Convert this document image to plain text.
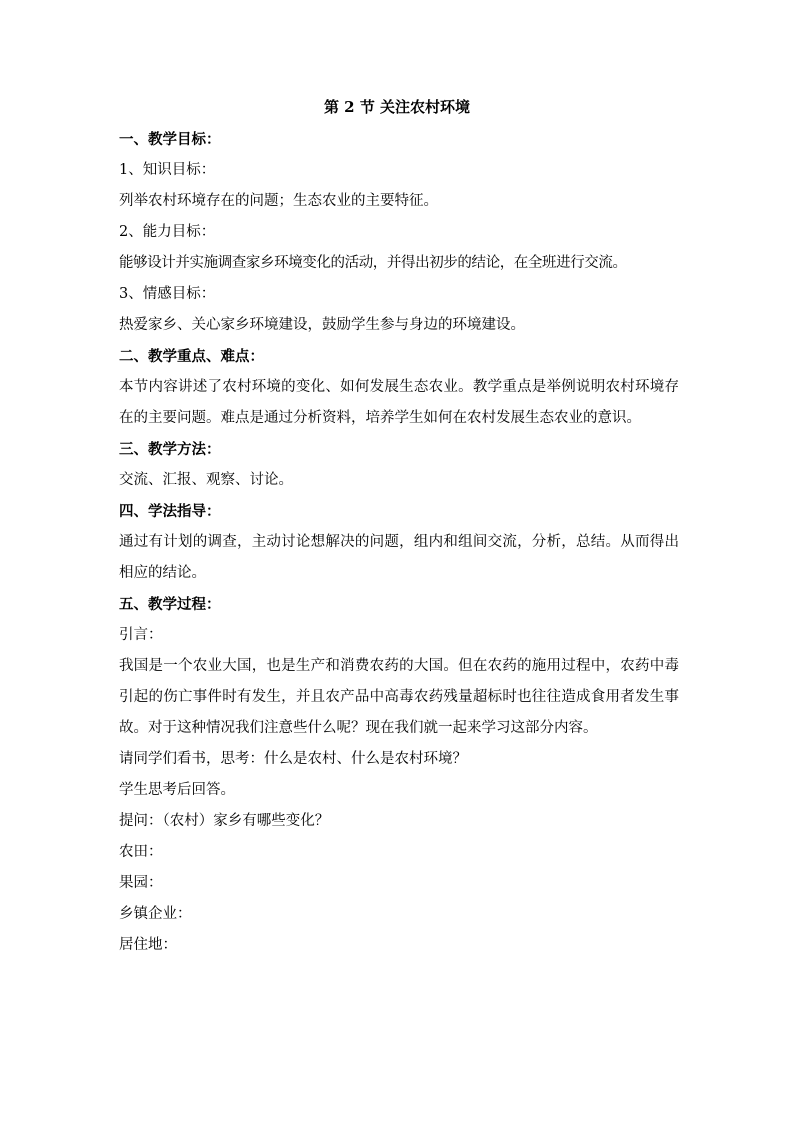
第 2 节 关注农村环境

一、教学目标：

1、知识目标：

列举农村环境存在的问题；生态农业的主要特征。

2、能力目标：

能够设计并实施调查家乡环境变化的活动，并得出初步的结论，在全班进行交流。

3、情感目标：

热爱家乡、关心家乡环境建设，鼓励学生参与身边的环境建设。

二、教学重点、难点：

本节内容讲述了农村环境的变化、如何发展生态农业。教学重点是举例说明农村环境存在的主要问题。难点是通过分析资料，培养学生如何在农村发展生态农业的意识。

三、教学方法：

交流、汇报、观察、讨论。

四、学法指导：

通过有计划的调查，主动讨论想解决的问题，组内和组间交流，分析，总结。从而得出相应的结论。

五、教学过程：

引言：

我国是一个农业大国，也是生产和消费农药的大国。但在农药的施用过程中，农药中毒引起的伤亡事件时有发生，并且农产品中高毒农药残量超标时也往往造成食用者发生事故。对于这种情况我们注意些什么呢？现在我们就一起来学习这部分内容。

请同学们看书，思考：什么是农村、什么是农村环境？

学生思考后回答。

提问：（农村）家乡有哪些变化？

农田：

果园：

乡镇企业：

居住地：
